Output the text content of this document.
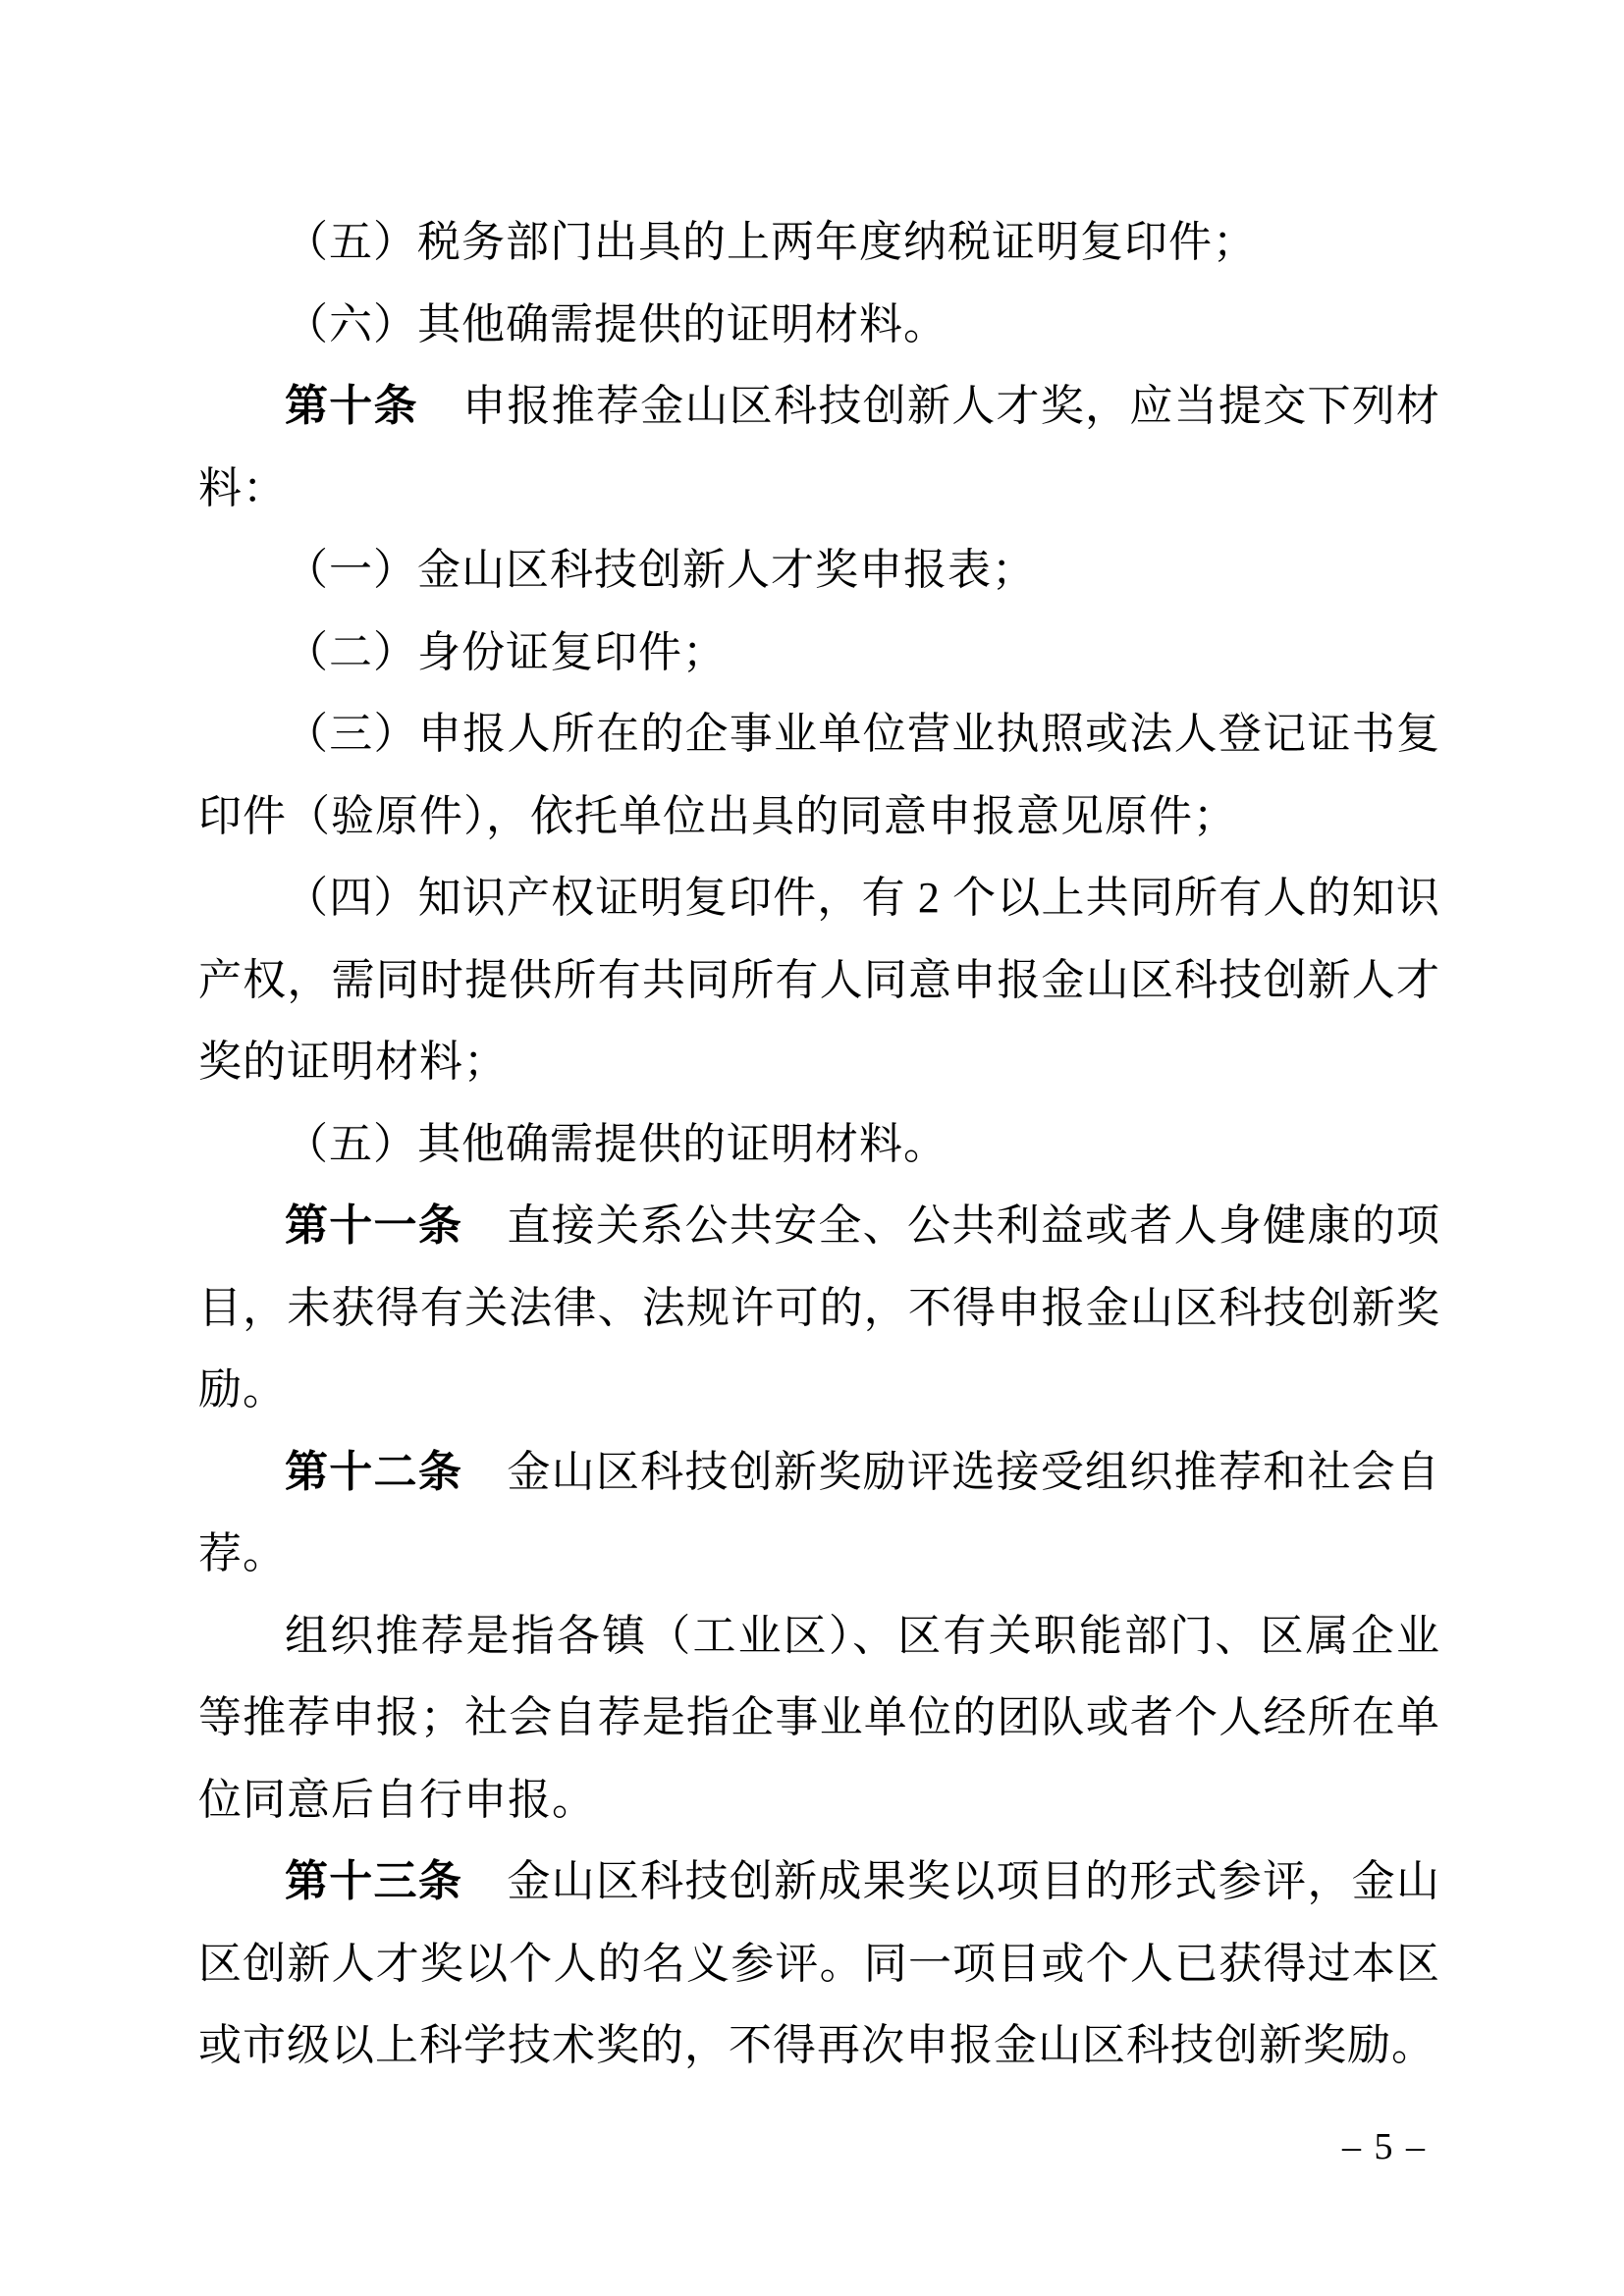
（五）税务部门出具的上两年度纳税证明复印件；
（六）其他确需提供的证明材料。
第十条　申报推荐金山区科技创新人才奖，应当提交下列材
料：
（一）金山区科技创新人才奖申报表；
（二）身份证复印件；
（三）申报人所在的企事业单位营业执照或法人登记证书复
印件（验原件），依托单位出具的同意申报意见原件；
（四）知识产权证明复印件，有 2 个以上共同所有人的知识
产权，需同时提供所有共同所有人同意申报金山区科技创新人才
奖的证明材料；
（五）其他确需提供的证明材料。
第十一条　直接关系公共安全、公共利益或者人身健康的项
目，未获得有关法律、法规许可的，不得申报金山区科技创新奖
励。
第十二条　金山区科技创新奖励评选接受组织推荐和社会自
荐。
组织推荐是指各镇（工业区）、区有关职能部门、区属企业
等推荐申报；社会自荐是指企事业单位的团队或者个人经所在单
位同意后自行申报。
第十三条　金山区科技创新成果奖以项目的形式参评，金山
区创新人才奖以个人的名义参评。同一项目或个人已获得过本区
或市级以上科学技术奖的，不得再次申报金山区科技创新奖励。
– 5 –
